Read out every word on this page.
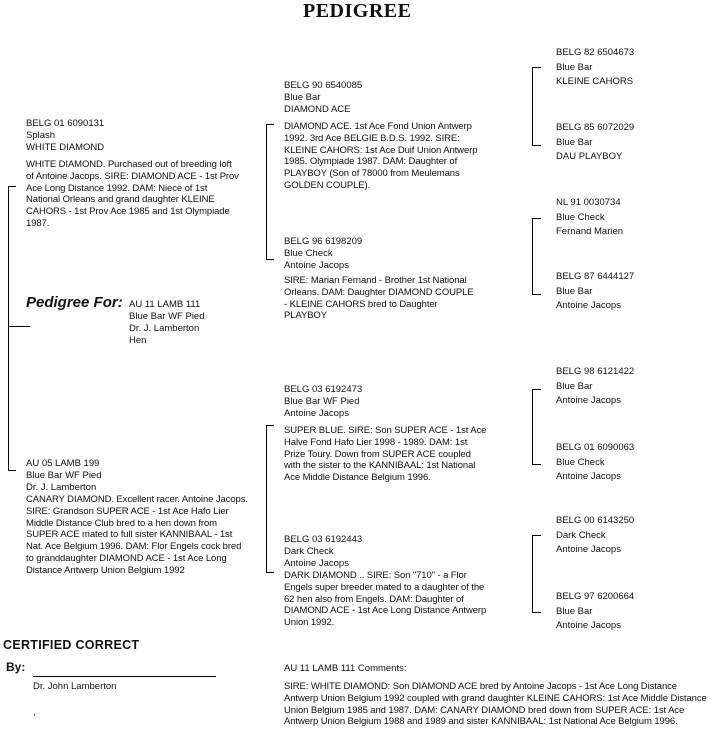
PEDIGREE
Pedigree For: AU 11 LAMB 111
Blue Bar WF Pied
Dr. J. Lamberton
Hen
BELG 01 6090131
Splash
WHITE DIAMOND
WHITE DIAMOND. Purchased out of breeding loft of Antoine Jacops. SIRE: DIAMOND ACE - 1st Prov Ace Long Distance 1992. DAM: Niece of 1st National Orleans and grand daughter KLEINE CAHORS - 1st Prov Ace 1985 and 1st Olympiade 1987.
AU 05 LAMB 199
Blue Bar WF Pied
Dr. J. Lamberton
CANARY DIAMOND. Excellent racer. Antoine Jacops. SIRE: Grandson SUPER ACE - 1st Ace Hafo Lier Middle Distance Club bred to a hen down from SUPER ACE mated to full sister KANNIBAAL - 1st Nat. Ace Belgium 1996. DAM: Flor Engels cock bred to granddaughter DIAMOND ACE - 1st Ace Long Distance Antwerp Union Belgium 1992
BELG 90 6540085
Blue Bar
DIAMOND ACE
DIAMOND ACE. 1st Ace Fond Union Antwerp 1992. 3rd Ace BELGIE B.D.S. 1992. SIRE: KLEINE CAHORS: 1st Ace Duif Union Antwerp 1985. Olympiade 1987. DAM: Daughter of PLAYBOY (Son of 78000 from Meulemans GOLDEN COUPLE).
BELG 96 6198209
Blue Check
Antoine Jacops
SIRE: Marian Fernand - Brother 1st National Orleans. DAM: Daughter DIAMOND COUPLE - KLEINE CAHORS bred to Daughter PLAYBOY
BELG 03 6192473
Blue Bar WF Pied
Antoine Jacops
SUPER BLUE. SIRE: Son SUPER ACE - 1st Ace Halve Fond Hafo Lier 1998 - 1989. DAM: 1st Prize Toury. Down from SUPER ACE coupled with the sister to the KANNIBAAL: 1st National Ace Middle Distance Belgium 1996.
BELG 03 6192443
Dark Check
Antoine Jacops
DARK DIAMOND .. SIRE: Son "710" - a Flor Engels super breeder mated to a daughter of the 62 hen also from Engels. DAM: Daughter of DIAMOND ACE - 1st Ace Long Distance Antwerp Union 1992.
BELG 82 6504673
Blue Bar
KLEINE CAHORS
BELG 85 6072029
Blue Bar
DAU PLAYBOY
NL 91 0030734
Blue Check
Fernand Marien
BELG 87 6444127
Blue Bar
Antoine Jacops
BELG 98 6121422
Blue Bar
Antoine Jacops
BELG 01 6090063
Blue Check
Antoine Jacops
BELG 00 6143250
Dark Check
Antoine Jacops
BELG 97 6200664
Blue Bar
Antoine Jacops
CERTIFIED CORRECT
By:
Dr. John Lamberton
,
AU 11 LAMB 111 Comments:
SIRE: WHITE DIAMOND: Son DIAMOND ACE bred by Antoine Jacops - 1st Ace Long Distance Antwerp Union Belgium 1992 coupled with grand daughter KLEINE CAHORS: 1st Ace Middle Distance Union Belgium 1985 and 1987. DAM: CANARY DIAMOND bred down from SUPER ACE: 1st Ace Antwerp Union Belgium 1988 and 1989 and sister KANNIBAAL: 1st National Ace Belgium 1996.
